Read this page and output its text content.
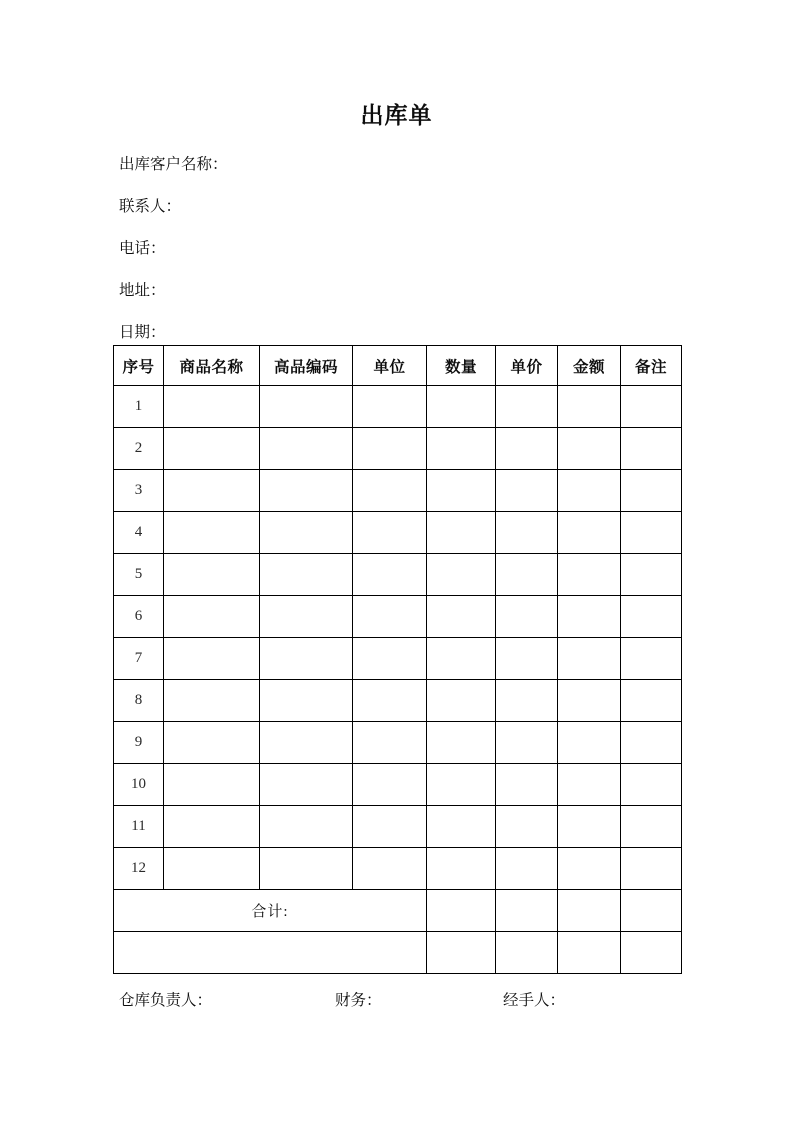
出库单
出库客户名称：
联系人：
电话：
地址：
日期：
序号	商品名称	高品编码	单位	数量	单价	金额	备注
1							
2							
3							
4							
5							
6							
7							
8							
9							
10							
11							
12							
合计:							

仓库负责人：	财务：	经手人：
